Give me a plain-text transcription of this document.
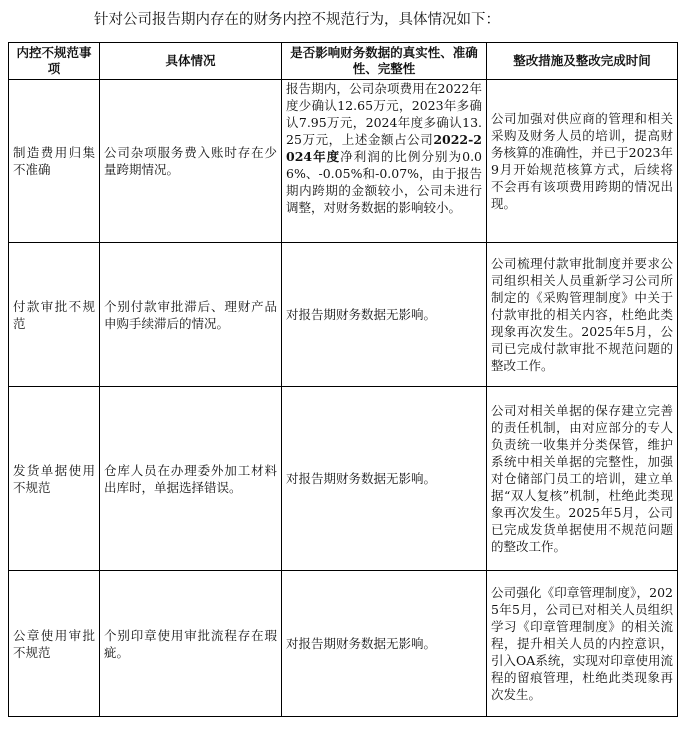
针对公司报告期内存在的财务内控不规范行为，具体情况如下：
内控不规范事项	具体情况	是否影响财务数据的真实性、准确性、完整性	整改措施及整改完成时间
制造费用归集不准确	公司杂项服务费入账时存在少量跨期情况。	报告期内，公司杂项费用在2022年度少确认12.65万元，2023年多确认7.95万元，2024年度多确认13.25万元，上述金额占公司2022-2024年度净利润的比例分别为0.06%、-0.05%和-0.07%，由于报告期内跨期的金额较小，公司未进行调整，对财务数据的影响较小。	公司加强对供应商的管理和相关采购及财务人员的培训，提高财务核算的准确性，并已于2023年9月开始规范核算方式，后续将不会再有该项费用跨期的情况出现。
付款审批不规范	个别付款审批滞后、理财产品申购手续滞后的情况。	对报告期财务数据无影响。	公司梳理付款审批制度并要求公司组织相关人员重新学习公司所制定的《采购管理制度》中关于付款审批的相关内容，杜绝此类现象再次发生。2025年5月，公司已完成付款审批不规范问题的整改工作。
发货单据使用不规范	仓库人员在办理委外加工材料出库时，单据选择错误。	对报告期财务数据无影响。	公司对相关单据的保存建立完善的责任机制，由对应部分的专人负责统一收集并分类保管，维护系统中相关单据的完整性，加强对仓储部门员工的培训，建立单据“双人复核”机制，杜绝此类现象再次发生。2025年5月，公司已完成发货单据使用不规范问题的整改工作。
公章使用审批不规范	个别印章使用审批流程存在瑕疵。	对报告期财务数据无影响。	公司强化《印章管理制度》，2025年5月，公司已对相关人员组织学习《印章管理制度》的相关流程，提升相关人员的内控意识，引入OA系统，实现对印章使用流程的留痕管理，杜绝此类现象再次发生。
